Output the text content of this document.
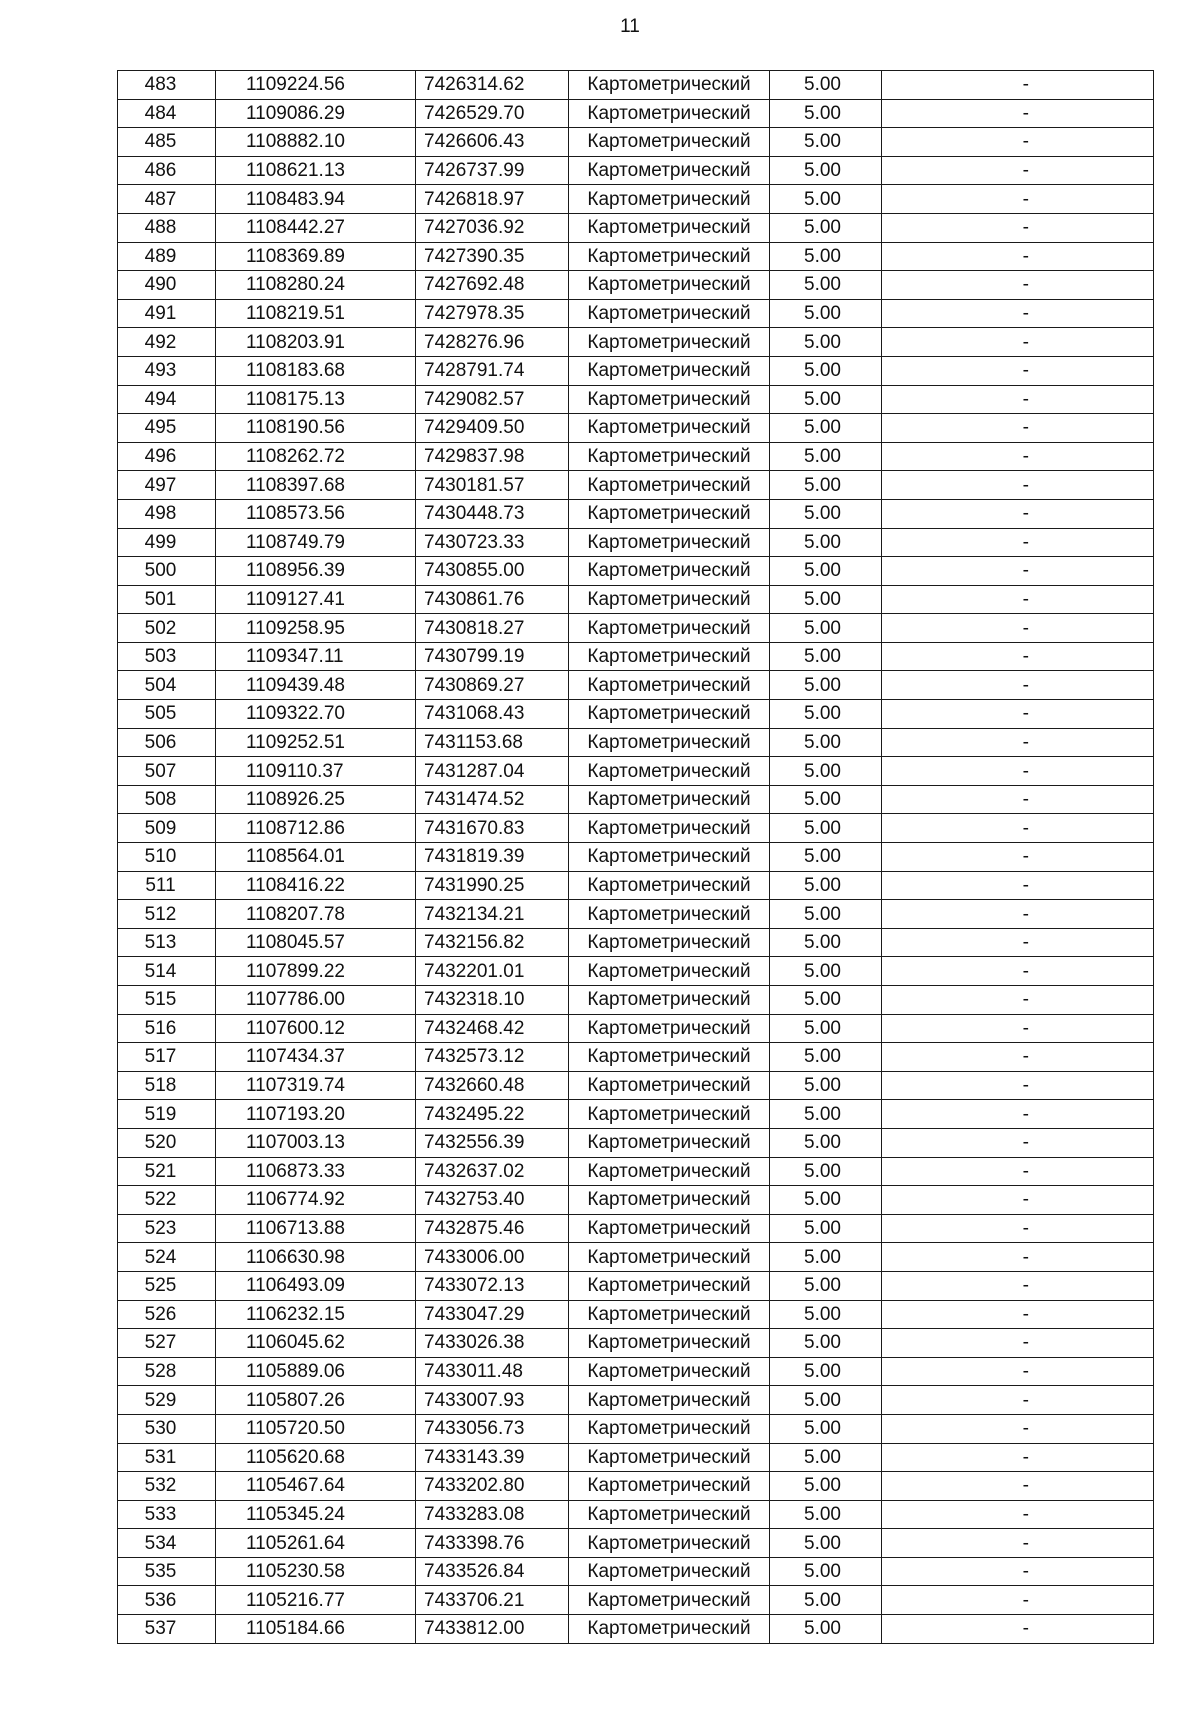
11
483	1109224.56	7426314.62	Картометрический	5.00	-
484	1109086.29	7426529.70	Картометрический	5.00	-
485	1108882.10	7426606.43	Картометрический	5.00	-
486	1108621.13	7426737.99	Картометрический	5.00	-
487	1108483.94	7426818.97	Картометрический	5.00	-
488	1108442.27	7427036.92	Картометрический	5.00	-
489	1108369.89	7427390.35	Картометрический	5.00	-
490	1108280.24	7427692.48	Картометрический	5.00	-
491	1108219.51	7427978.35	Картометрический	5.00	-
492	1108203.91	7428276.96	Картометрический	5.00	-
493	1108183.68	7428791.74	Картометрический	5.00	-
494	1108175.13	7429082.57	Картометрический	5.00	-
495	1108190.56	7429409.50	Картометрический	5.00	-
496	1108262.72	7429837.98	Картометрический	5.00	-
497	1108397.68	7430181.57	Картометрический	5.00	-
498	1108573.56	7430448.73	Картометрический	5.00	-
499	1108749.79	7430723.33	Картометрический	5.00	-
500	1108956.39	7430855.00	Картометрический	5.00	-
501	1109127.41	7430861.76	Картометрический	5.00	-
502	1109258.95	7430818.27	Картометрический	5.00	-
503	1109347.11	7430799.19	Картометрический	5.00	-
504	1109439.48	7430869.27	Картометрический	5.00	-
505	1109322.70	7431068.43	Картометрический	5.00	-
506	1109252.51	7431153.68	Картометрический	5.00	-
507	1109110.37	7431287.04	Картометрический	5.00	-
508	1108926.25	7431474.52	Картометрический	5.00	-
509	1108712.86	7431670.83	Картометрический	5.00	-
510	1108564.01	7431819.39	Картометрический	5.00	-
511	1108416.22	7431990.25	Картометрический	5.00	-
512	1108207.78	7432134.21	Картометрический	5.00	-
513	1108045.57	7432156.82	Картометрический	5.00	-
514	1107899.22	7432201.01	Картометрический	5.00	-
515	1107786.00	7432318.10	Картометрический	5.00	-
516	1107600.12	7432468.42	Картометрический	5.00	-
517	1107434.37	7432573.12	Картометрический	5.00	-
518	1107319.74	7432660.48	Картометрический	5.00	-
519	1107193.20	7432495.22	Картометрический	5.00	-
520	1107003.13	7432556.39	Картометрический	5.00	-
521	1106873.33	7432637.02	Картометрический	5.00	-
522	1106774.92	7432753.40	Картометрический	5.00	-
523	1106713.88	7432875.46	Картометрический	5.00	-
524	1106630.98	7433006.00	Картометрический	5.00	-
525	1106493.09	7433072.13	Картометрический	5.00	-
526	1106232.15	7433047.29	Картометрический	5.00	-
527	1106045.62	7433026.38	Картометрический	5.00	-
528	1105889.06	7433011.48	Картометрический	5.00	-
529	1105807.26	7433007.93	Картометрический	5.00	-
530	1105720.50	7433056.73	Картометрический	5.00	-
531	1105620.68	7433143.39	Картометрический	5.00	-
532	1105467.64	7433202.80	Картометрический	5.00	-
533	1105345.24	7433283.08	Картометрический	5.00	-
534	1105261.64	7433398.76	Картометрический	5.00	-
535	1105230.58	7433526.84	Картометрический	5.00	-
536	1105216.77	7433706.21	Картометрический	5.00	-
537	1105184.66	7433812.00	Картометрический	5.00	-
